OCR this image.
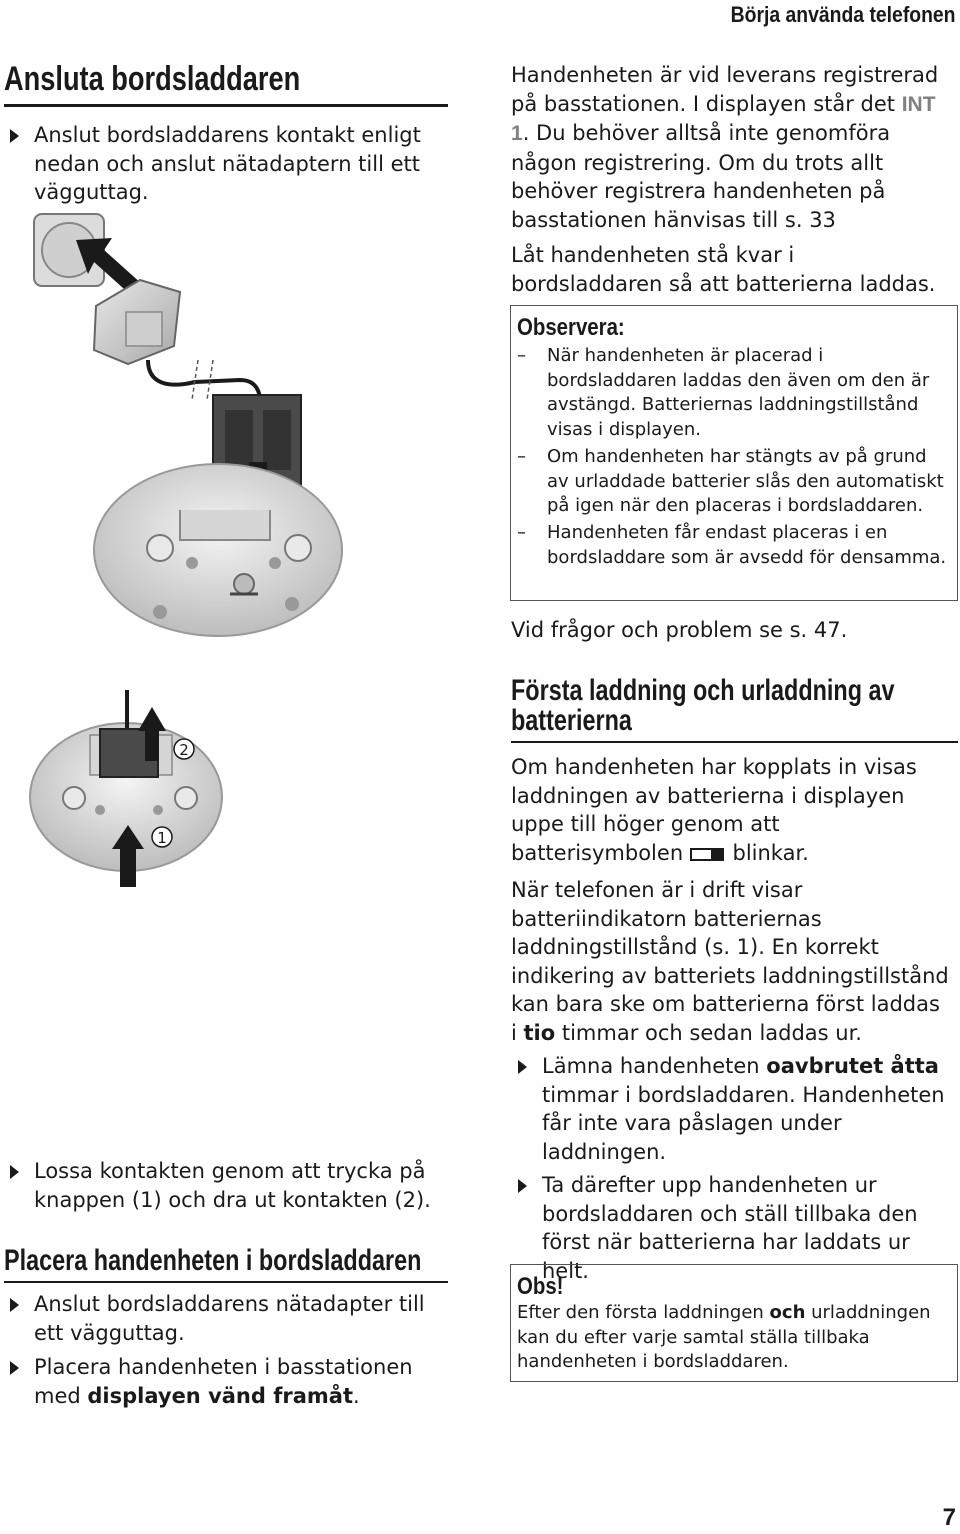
Börja använda telefonen
Ansluta bordsladdaren
Anslut bordsladdarens kontakt enligt nedan och anslut nätadaptern till ett vägguttag.
2
1
Lossa kontakten genom att trycka på knappen (1) och dra ut kontakten (2).
Placera handenheten i bordsladdaren
Anslut bordsladdarens nätadapter till ett vägguttag.
Placera handenheten i basstationen med displayen vänd framåt.
Handenheten är vid leverans registrerad på basstationen. I displayen står det INT 1. Du behöver alltså inte genomföra någon registrering. Om du trots allt behöver registrera handenheten på basstationen hänvisas till s. 33
Låt handenheten stå kvar i bordsladdaren så att batterierna laddas.
Observera:
– När handenheten är placerad i bordsladdaren laddas den även om den är avstängd. Batteriernas laddningstillstånd visas i displayen.
– Om handenheten har stängts av på grund av urladdade batterier slås den automatiskt på igen när den placeras i bordsladdaren.
– Handenheten får endast placeras i en bordsladdare som är avsedd för densamma.
Vid frågor och problem se s. 47.
Första laddning och urladdning av batterierna
Om handenheten har kopplats in visas laddningen av batterierna i displayen uppe till höger genom att batterisymbolen blinkar.
När telefonen är i drift visar batteriindikatorn batteriernas laddningstillstånd (s. 1). En korrekt indikering av batteriets laddningstillstånd kan bara ske om batterierna först laddas i tio timmar och sedan laddas ur.
Lämna handenheten oavbrutet åtta timmar i bordsladdaren. Handenheten får inte vara påslagen under laddningen.
Ta därefter upp handenheten ur bordsladdaren och ställ tillbaka den först när batterierna har laddats ur helt.
Obs!
Efter den första laddningen och urladdningen kan du efter varje samtal ställa tillbaka handenheten i bordsladdaren.
7
